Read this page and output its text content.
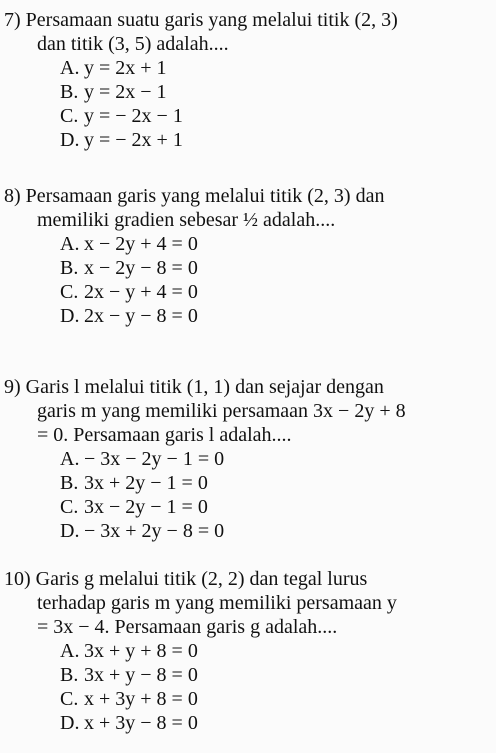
7) Persamaan suatu garis yang melalui titik (2, 3)
dan titik (3, 5) adalah....
A. y = 2x + 1
B. y = 2x − 1
C. y = − 2x − 1
D. y = − 2x + 1
8) Persamaan garis yang melalui titik (2, 3) dan
memiliki gradien sebesar ½ adalah....
A. x − 2y + 4 = 0
B. x − 2y − 8 = 0
C. 2x − y + 4 = 0
D. 2x − y − 8 = 0
9) Garis l melalui titik (1, 1) dan sejajar dengan
garis m yang memiliki persamaan 3x − 2y + 8
= 0. Persamaan garis l adalah....
A. − 3x − 2y − 1 = 0
B. 3x + 2y − 1 = 0
C. 3x − 2y − 1 = 0
D. − 3x + 2y − 8 = 0
10) Garis g melalui titik (2, 2) dan tegal lurus
terhadap garis m yang memiliki persamaan y
= 3x − 4. Persamaan garis g adalah....
A. 3x + y + 8 = 0
B. 3x + y − 8 = 0
C. x + 3y + 8 = 0
D. x + 3y − 8 = 0
